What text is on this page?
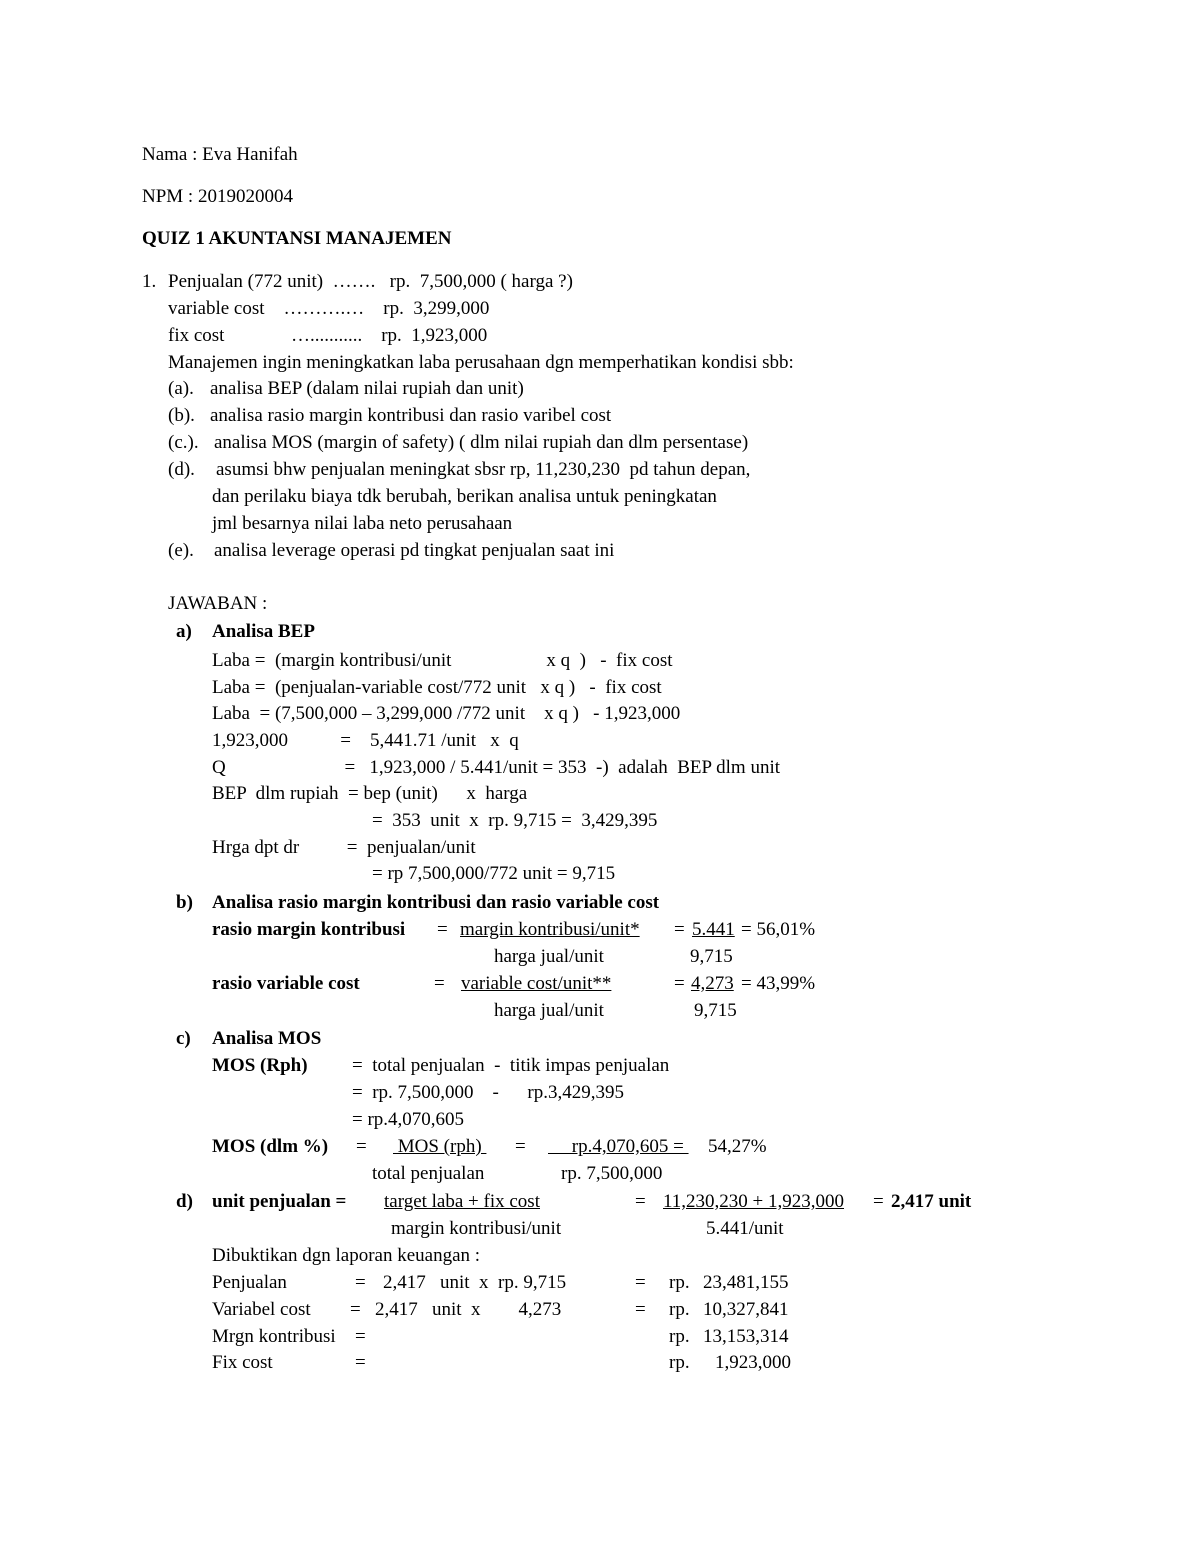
Nama : Eva Hanifah
NPM : 2019020004
QUIZ 1 AKUNTANSI MANAJEMEN
1. Penjualan (772 unit)  …….   rp.  7,500,000 ( harga ?)
variable cost    ……….…    rp.  3,299,000
fix cost              …...........    rp.  1,923,000
Manajemen ingin meningkatkan laba perusahaan dgn memperhatikan kondisi sbb:
(a). analisa BEP (dalam nilai rupiah dan unit)
(b). analisa rasio margin kontribusi dan rasio varibel cost
(c.). analisa MOS (margin of safety) ( dlm nilai rupiah dan dlm persentase)
(d). asumsi bhw penjualan meningkat sbsr rp, 11,230,230  pd tahun depan,
dan perilaku biaya tdk berubah, berikan analisa untuk peningkatan
jml besarnya nilai laba neto perusahaan
(e). analisa leverage operasi pd tingkat penjualan saat ini
JAWABAN :
a) Analisa BEP
Laba =  (margin kontribusi/unit                    x q  )   -  fix cost
Laba =  (penjualan-variable cost/772 unit   x q )   -  fix cost
Laba  = (7,500,000 – 3,299,000 /772 unit    x q )   - 1,923,000
1,923,000           =    5,441.71 /unit   x  q
Q                         =   1,923,000 / 5.441/unit = 353  -)  adalah  BEP dlm unit
BEP  dlm rupiah  = bep (unit)      x  harga
=  353  unit  x  rp. 9,715 =  3,429,395
Hrga dpt dr          =  penjualan/unit
= rp 7,500,000/772 unit = 9,715
b) Analisa rasio margin kontribusi dan rasio variable cost
rasio margin kontribusi = margin kontribusi/unit* = 5.441 = 56,01%
harga jual/unit	9,715
rasio variable cost	= variable cost/unit**	= 4,273 = 43,99%
harga jual/unit	9,715
c) Analisa MOS
MOS (Rph) =  total penjualan  -  titik impas penjualan
=  rp. 7,500,000    -      rp.3,429,395
= rp.4,070,605
MOS (dlm %) = MOS (rph) = rp.4,070,605 = 54,27%
total penjualan	rp. 7,500,000
d) unit penjualan = target laba + fix cost	= 11,230,230 + 1,923,000 = 2,417 unit
margin kontribusi/unit	5.441/unit
Dibuktikan dgn laporan keuangan :
Penjualan	= 2,417   unit  x  rp. 9,715	= rp. 23,481,155
Variabel cost = 2,417   unit  x        4,273	= rp. 10,327,841
Mrgn kontribusi =	rp. 13,153,314
Fix cost	=	rp. 1,923,000
